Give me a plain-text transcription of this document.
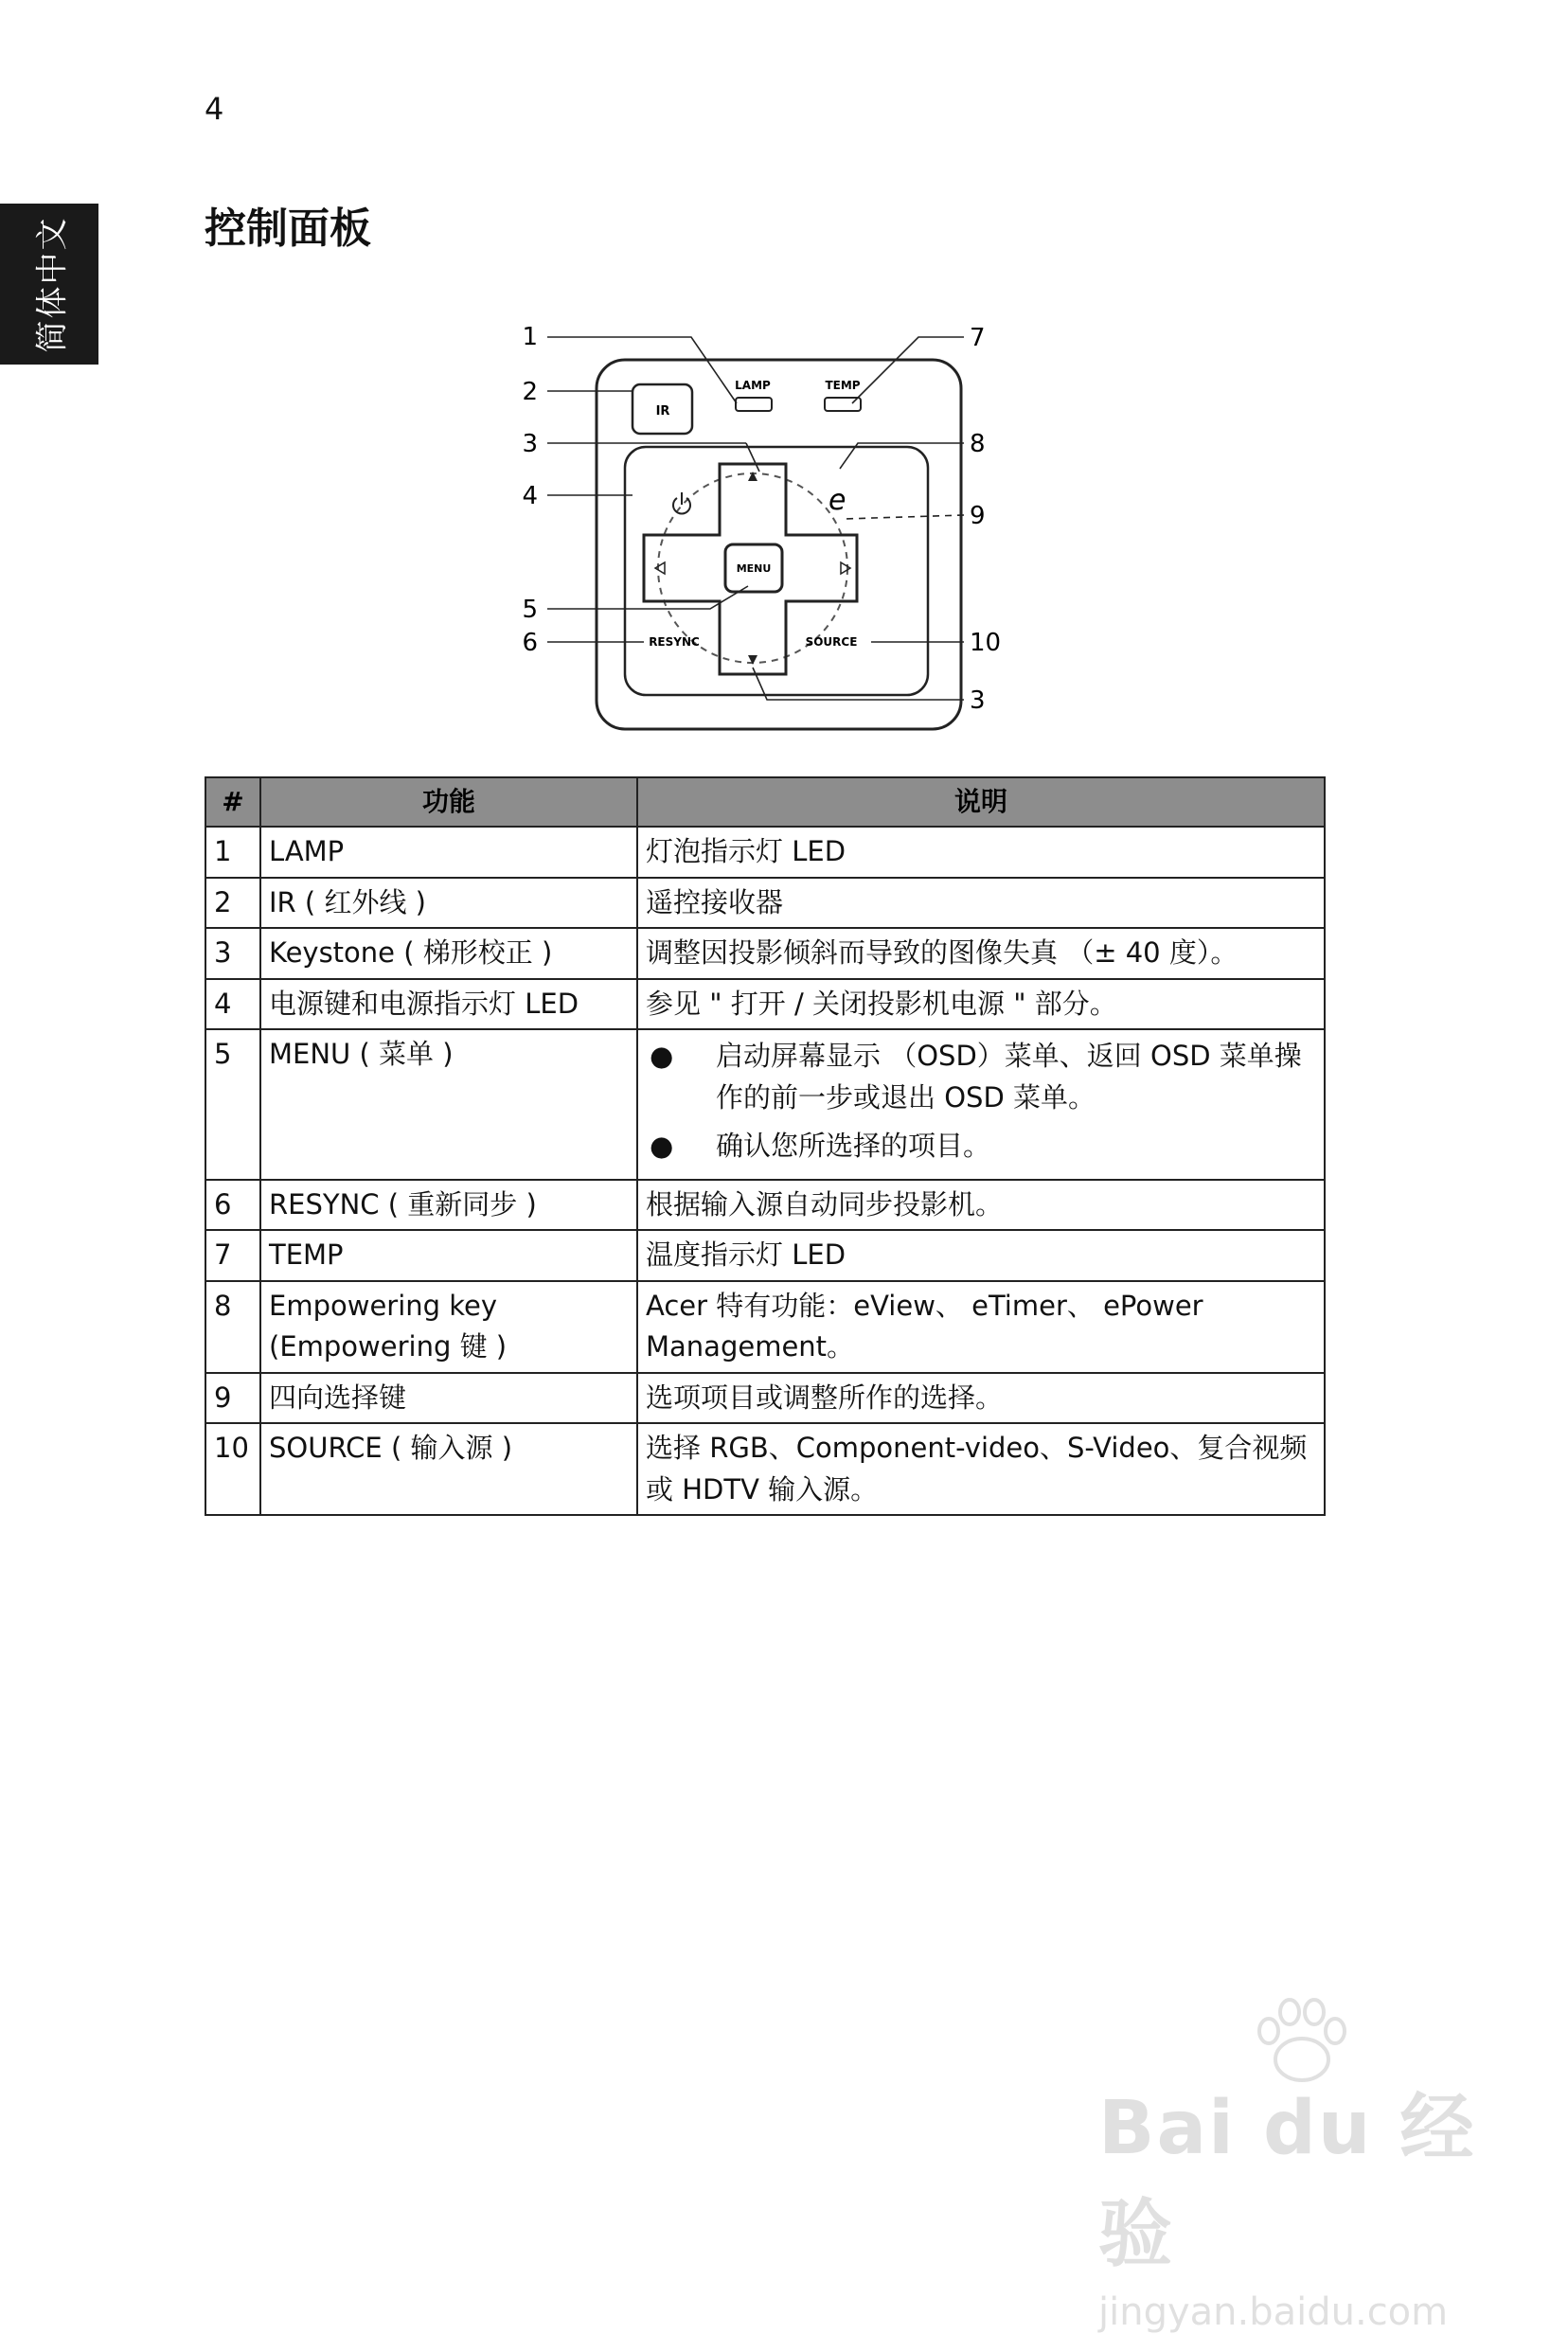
4
简体中文	控制面板
IR
LAMP	TEMP
MENU
e
RESYNC	SOURCE
1
2
3
4
5
6
7
8
9
10
3
#	功能	说明
1	LAMP	灯泡指示灯 LED
2	IR ( 红外线 )	遥控接收器
3	Keystone ( 梯形校正 )	调整因投影倾斜而导致的图像失真 （± 40 度）。
4	电源键和电源指示灯 LED	参见 " 打开 / 关闭投影机电源 " 部分。
5	MENU ( 菜单 )	● 启动屏幕显示 （OSD）菜单、返回 OSD 菜单操作的前一步或退出 OSD 菜单。
● 确认您所选择的项目。

6	RESYNC ( 重新同步 )	根据输入源自动同步投影机。
7	TEMP	温度指示灯 LED
8	Empowering key (Empowering 键 )	Acer 特有功能：eView、 eTimer、 ePower Management。
9	四向选择键	选项项目或调整所作的选择。
10	SOURCE ( 输入源 )	选择 RGB、Component-video、S-Video、复合视频或 HDTV 输入源。
Bai du 经验
jingyan.baidu.com
